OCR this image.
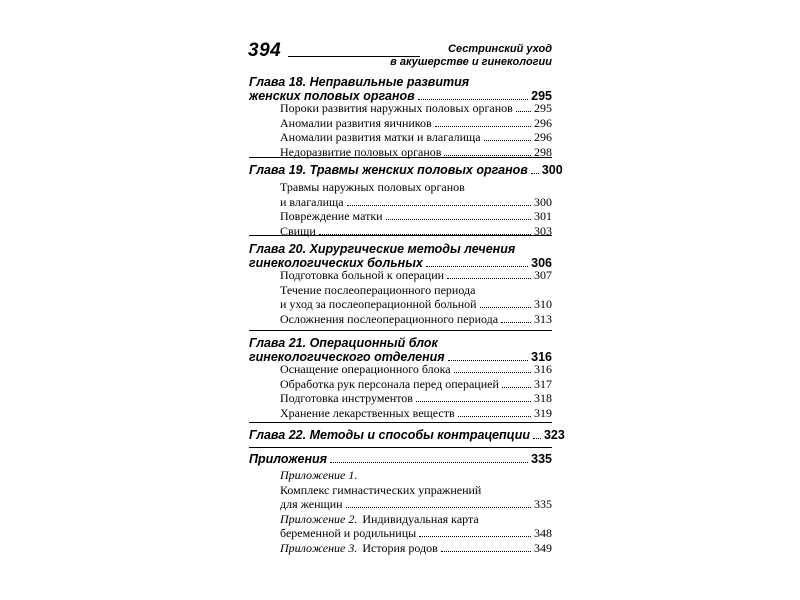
394	Сестринский уход
в акушерстве и гинекологии
Глава 18. Неправильные развития
женских половых органов	295
Пороки развития наружных половых органов 295
Аномалии развития яичников	296
Аномалии развития матки и влагалища	296
Недоразвитие половых органов	298
Глава 19. Травмы женских половых органов 300
Травмы наружных половых органов
и влагалища	300
Повреждение матки	301
Свищи	303
Глава 20. Хирургические методы лечения
гинекологических больных	306
Подготовка больной к операции	307
Течение послеоперационного периода
и уход за послеоперационной больной	310
Осложнения послеоперационного периода	313
Глава 21. Операционный блок
гинекологического отделения	316
Оснащение операционного блока	316
Обработка рук персонала перед операцией	317
Подготовка инструментов	318
Хранение лекарственных веществ	319
Глава 22. Методы и способы контрацепции 323
Приложения	335
Приложение 1.
Комплекс гимнастических упражнений
для женщин	335
Приложение 2. Индивидуальная карта
беременной и родильницы	348
Приложение 3. История родов	349
